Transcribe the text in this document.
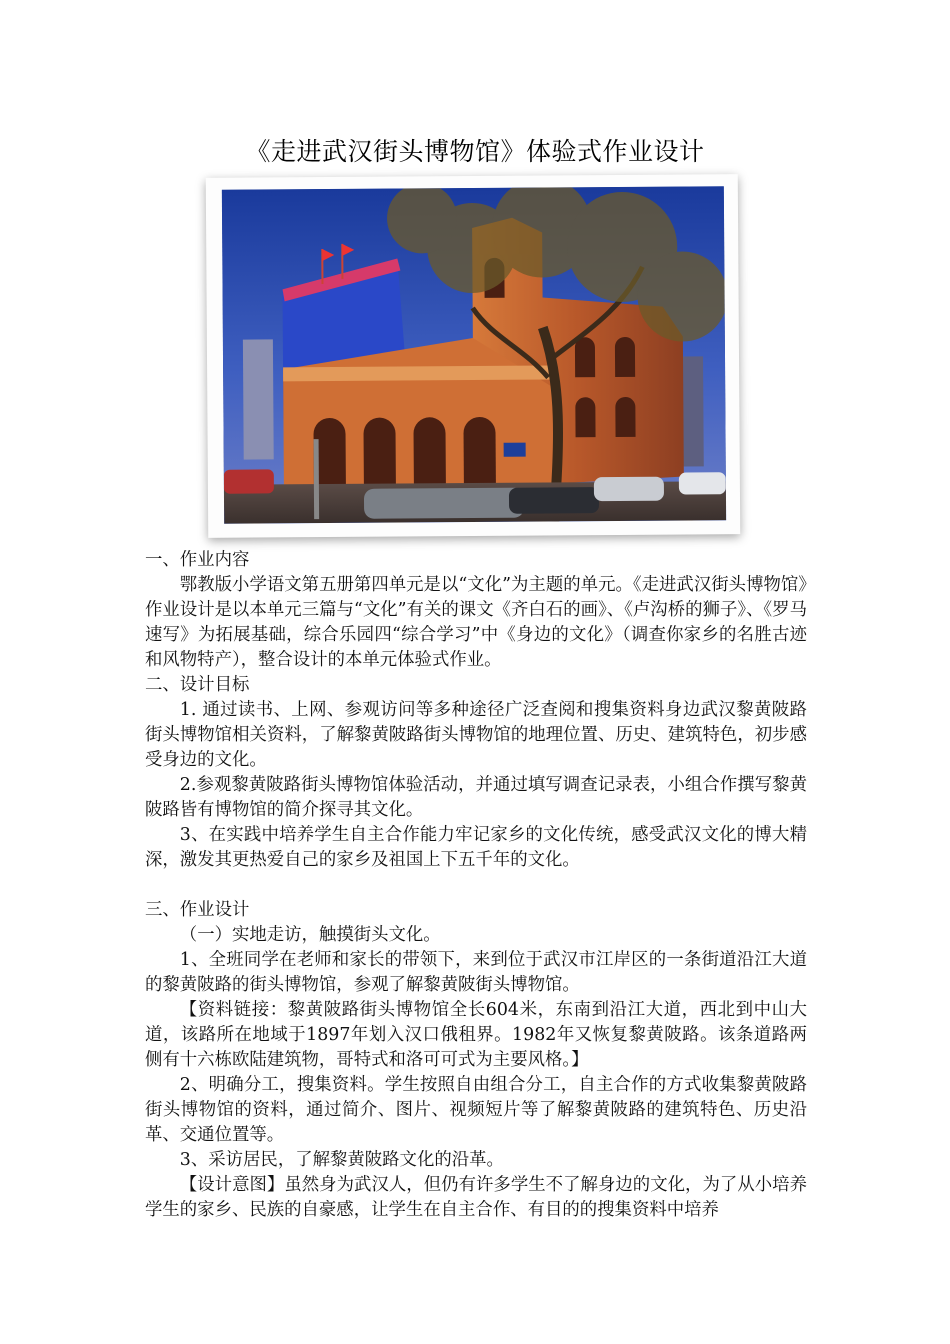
《走进武汉街头博物馆》体验式作业设计

一、作业内容

鄂教版小学语文第五册第四单元是以“文化”为主题的单元。《走进武汉街头博物馆》作业设计是以本单元三篇与“文化”有关的课文《齐白石的画》、《卢沟桥的狮子》、《罗马速写》为拓展基础，综合乐园四“综合学习”中《身边的文化》（调查你家乡的名胜古迹和风物特产），整合设计的本单元体验式作业。

二、设计目标

1. 通过读书、上网、参观访问等多种途径广泛查阅和搜集资料身边武汉黎黄陂路街头博物馆相关资料，了解黎黄陂路街头博物馆的地理位置、历史、建筑特色，初步感受身边的文化。

2.参观黎黄陂路街头博物馆体验活动，并通过填写调查记录表，小组合作撰写黎黄陂路皆有博物馆的简介探寻其文化。

3、在实践中培养学生自主合作能力牢记家乡的文化传统，感受武汉文化的博大精深，激发其更热爱自己的家乡及祖国上下五千年的文化。

三、作业设计

（一）实地走访，触摸街头文化。

1、全班同学在老师和家长的带领下，来到位于武汉市江岸区的一条街道沿江大道的黎黄陂路的街头博物馆，参观了解黎黄陂街头博物馆。

【资料链接：黎黄陂路街头博物馆全长604米，东南到沿江大道，西北到中山大道，该路所在地域于1897年划入汉口俄租界。1982年又恢复黎黄陂路。该条道路两侧有十六栋欧陆建筑物，哥特式和洛可可式为主要风格。】

2、明确分工，搜集资料。学生按照自由组合分工，自主合作的方式收集黎黄陂路街头博物馆的资料，通过简介、图片、视频短片等了解黎黄陂路的建筑特色、历史沿革、交通位置等。

3、采访居民，了解黎黄陂路文化的沿革。

【设计意图】虽然身为武汉人，但仍有许多学生不了解身边的文化，为了从小培养学生的家乡、民族的自豪感，让学生在自主合作、有目的的搜集资料中培养
